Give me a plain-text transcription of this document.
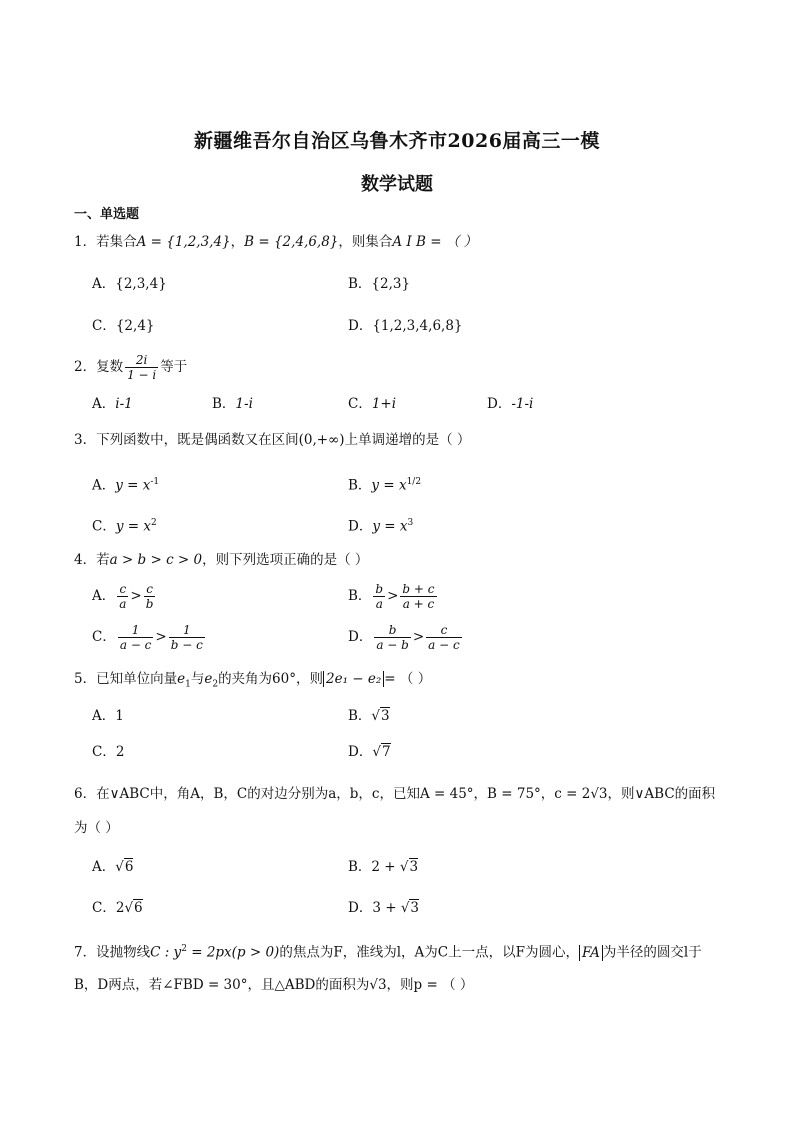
新疆维吾尔自治区乌鲁木齐市2026届高三一模
数学试题
一、单选题
1．若集合A = {1,2,3,4}，B = {2,4,6,8}，则集合A I B = （ ）
A．{2,3,4}	B．{2,3}
C．{2,4}	D．{1,2,3,4,6,8}
2．复数 $\frac{2i}{1 - i}$ 等于
A．i-1	B．1-i	C．1+i	D．-1-i
3．下列函数中，既是偶函数又在区间(0,+∞)上单调递增的是（ ）
A．$y = x^{-1}$	B．$y = x^{1/2}$
C．$y = x^2$	D．$y = x^3$
4．若a > b > c > 0，则下列选项正确的是（ ）
A． $\frac{c}{a} > \frac{c}{b}$	B． $\frac{b}{a} > \frac{b + c}{a + c}$
C． $\frac{1}{a - c} > \frac{1}{b - c}$	D． $\frac{b}{a - b} > \frac{c}{a - c}$
5．已知单位向量$e_1$与$e_2$的夹角为60°，则 2e₁ − e₂ = （ ）
A．1	B．√3
C．2	D．√7
6．在∨ABC中，角A，B，C的对边分别为a，b，c，已知A = 45°，B = 75°，c = 2√3，则∨ABC的面积
为（ ）
A．√6	B．2 + √3
C．2√6	D．3 + √3
7．设抛物线C : $y^2 = 2px(p > 0)$的焦点为F，准线为l，A为C上一点，以F为圆心， FA 为半径的圆交l于
B，D两点，若∠FBD = 30°，且△ABD的面积为√3，则p = （ ）
